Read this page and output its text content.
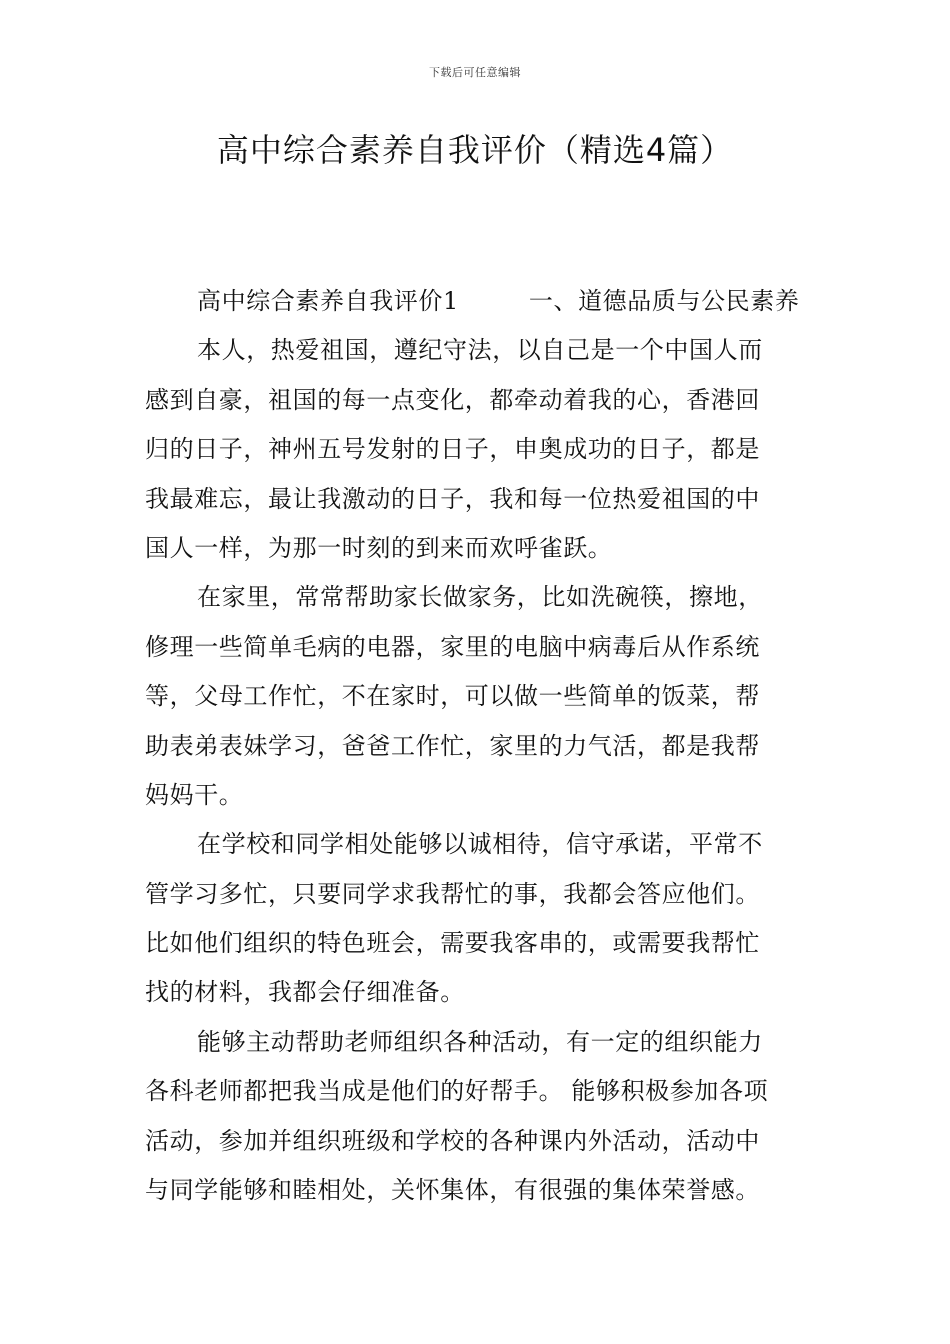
下载后可任意编辑
高中综合素养自我评价（精选4篇）
高中综合素养自我评价1	一、道德品质与公民素养
本人，热爱祖国，遵纪守法，以自己是一个中国人而
感到自豪，祖国的每一点变化，都牵动着我的心，香港回
归的日子，神州五号发射的日子，申奥成功的日子，都是
我最难忘，最让我激动的日子，我和每一位热爱祖国的中
国人一样，为那一时刻的到来而欢呼雀跃。
在家里，常常帮助家长做家务，比如洗碗筷，擦地，
修理一些简单毛病的电器，家里的电脑中病毒后从作系统
等，父母工作忙，不在家时，可以做一些简单的饭菜，帮
助表弟表妹学习，爸爸工作忙，家里的力气活，都是我帮
妈妈干。
在学校和同学相处能够以诚相待，信守承诺，平常不
管学习多忙，只要同学求我帮忙的事，我都会答应他们。
比如他们组织的特色班会，需要我客串的，或需要我帮忙
找的材料，我都会仔细准备。
能够主动帮助老师组织各种活动，有一定的组织能力
各科老师都把我当成是他们的好帮手。 能够积极参加各项
活动，参加并组织班级和学校的各种课内外活动，活动中
与同学能够和睦相处，关怀集体，有很强的集体荣誉感。
